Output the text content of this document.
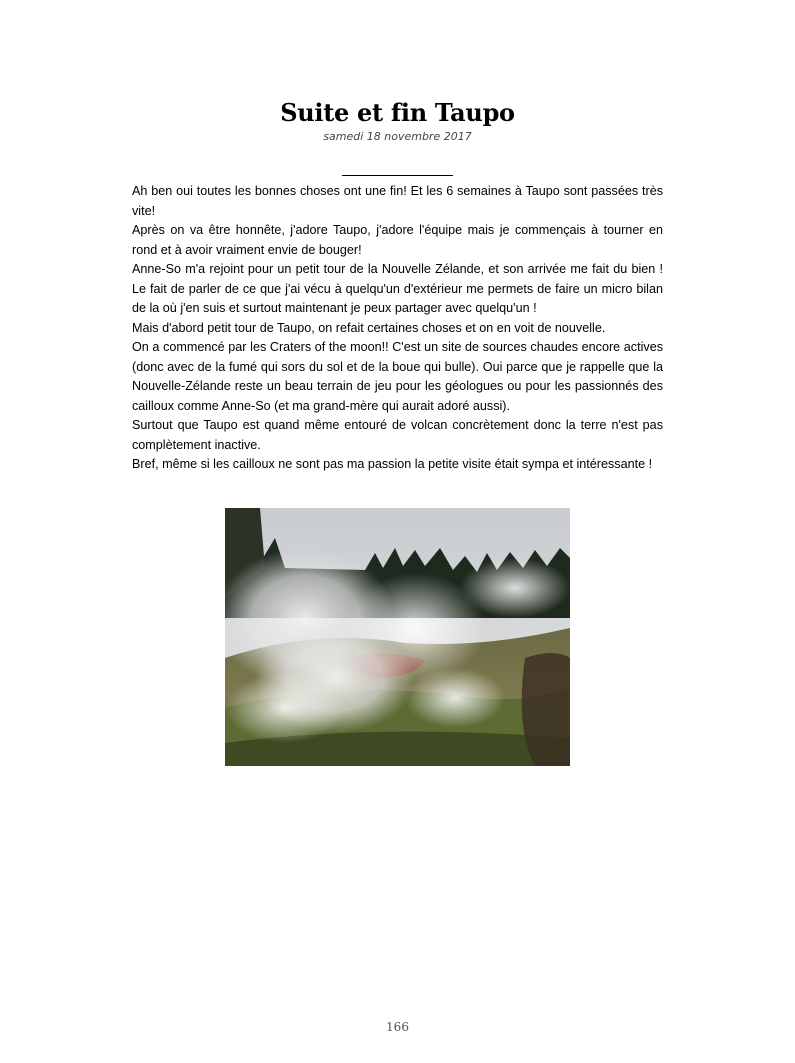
Suite et fin Taupo
samedi 18 novembre 2017

Ah ben oui toutes les bonnes choses ont une fin! Et les 6 semaines à Taupo sont passées très vite!

Après on va être honnête, j'adore Taupo, j'adore l'équipe mais je commençais à tourner en rond et à avoir vraiment envie de bouger!

Anne-So m'a rejoint pour un petit tour de la Nouvelle Zélande, et son arrivée me fait du bien ! Le fait de parler de ce que j'ai vécu à quelqu'un d'extérieur me permets de faire un micro bilan de la où j'en suis et surtout maintenant je peux partager avec quelqu'un !

Mais d'abord petit tour de Taupo, on refait certaines choses et on en voit de nouvelle.

On a commencé par les Craters of the moon!! C'est un site de sources chaudes encore actives (donc avec de la fumé qui sors du sol et de la boue qui bulle). Oui parce que je rappelle que la Nouvelle-Zélande reste un beau terrain de jeu pour les géologues ou pour les passionnés des cailloux comme Anne-So (et ma grand-mère qui aurait adoré aussi).

Surtout que Taupo est quand même entouré de volcan concrètement donc la terre n'est pas complètement inactive.

Bref, même si les cailloux ne sont pas ma passion la petite visite était sympa et intéressante !

166
